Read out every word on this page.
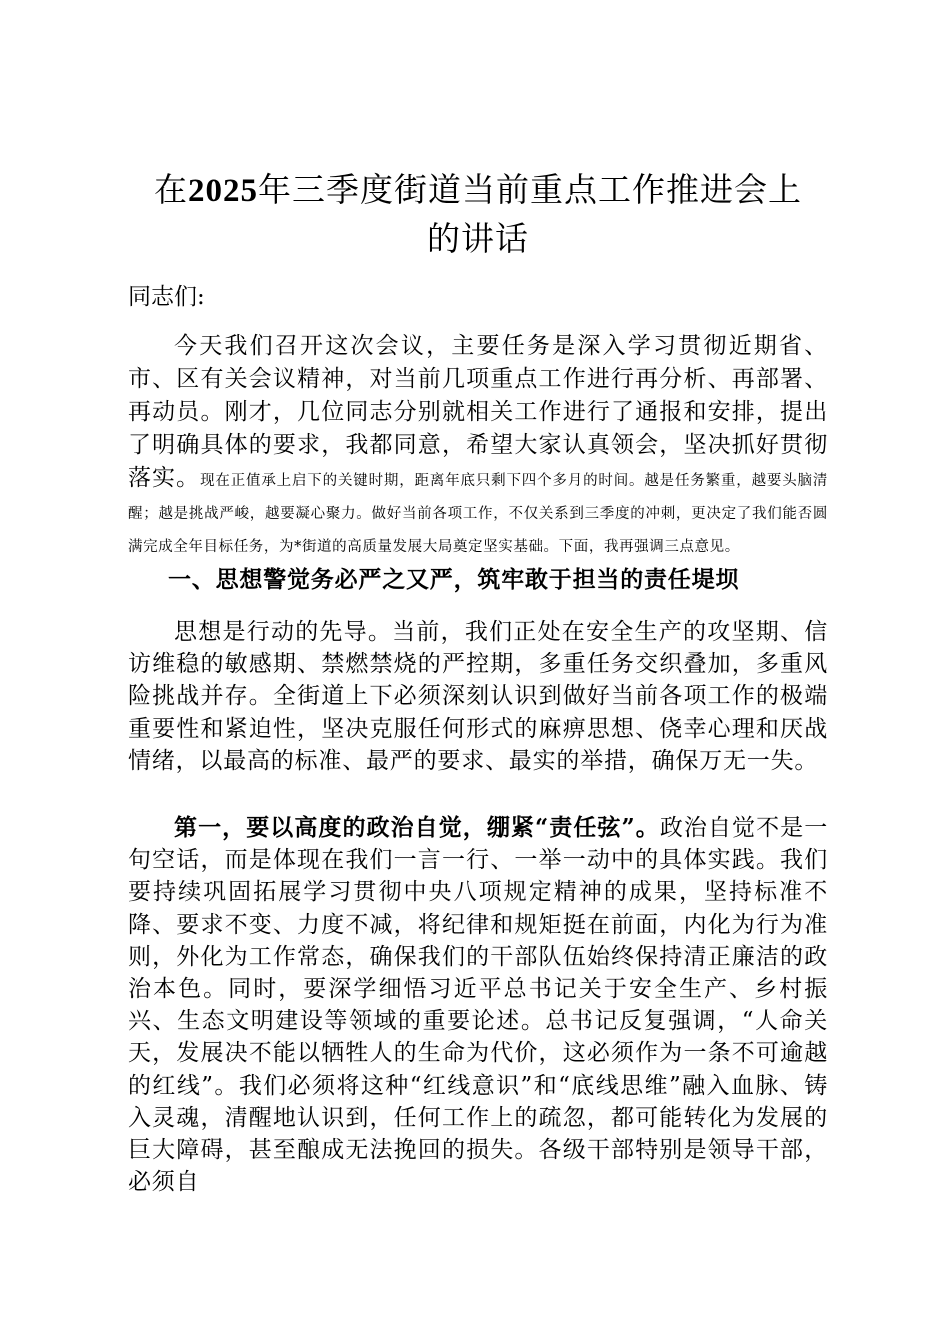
在2025年三季度街道当前重点工作推进会上
的讲话

同志们:

今天我们召开这次会议，主要任务是深入学习贯彻近期省、市、区有关会议精神，对当前几项重点工作进行再分析、再部署、再动员。刚才，几位同志分别就相关工作进行了通报和安排，提出了明确具体的要求，我都同意，希望大家认真领会，坚决抓好贯彻落实。现在正值承上启下的关键时期，距离年底只剩下四个多月的时间。越是任务繁重，越要头脑清醒；越是挑战严峻，越要凝心聚力。做好当前各项工作，不仅关系到三季度的冲刺，更决定了我们能否圆满完成全年目标任务，为*街道的高质量发展大局奠定坚实基础。下面，我再强调三点意见。

一、思想警觉务必严之又严，筑牢敢于担当的责任堤坝

思想是行动的先导。当前，我们正处在安全生产的攻坚期、信访维稳的敏感期、禁燃禁烧的严控期，多重任务交织叠加，多重风险挑战并存。全街道上下必须深刻认识到做好当前各项工作的极端重要性和紧迫性，坚决克服任何形式的麻痹思想、侥幸心理和厌战情绪，以最高的标准、最严的要求、最实的举措，确保万无一失。

第一，要以高度的政治自觉，绷紧“责任弦”。政治自觉不是一句空话，而是体现在我们一言一行、一举一动中的具体实践。我们要持续巩固拓展学习贯彻中央八项规定精神的成果，坚持标准不降、要求不变、力度不减，将纪律和规矩挺在前面，内化为行为准则，外化为工作常态，确保我们的干部队伍始终保持清正廉洁的政治本色。同时，要深学细悟习近平总书记关于安全生产、乡村振兴、生态文明建设等领域的重要论述。总书记反复强调，“人命关天，发展决不能以牺牲人的生命为代价，这必须作为一条不可逾越的红线”。我们必须将这种“红线意识”和“底线思维”融入血脉、铸入灵魂，清醒地认识到，任何工作上的疏忽，都可能转化为发展的巨大障碍，甚至酿成无法挽回的损失。各级干部特别是领导干部，必须自
